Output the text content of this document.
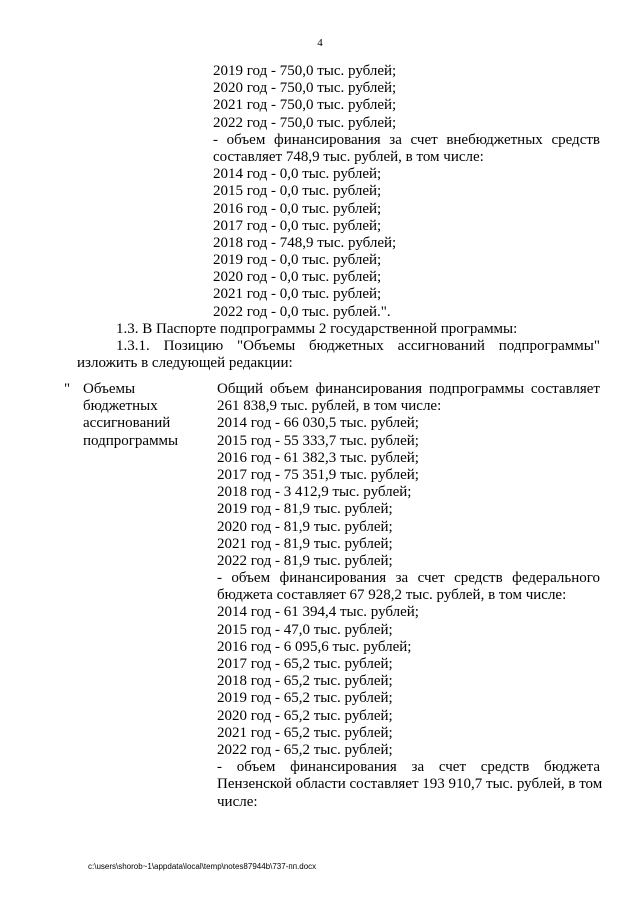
4
2019 год - 750,0 тыс. рублей;
2020 год - 750,0 тыс. рублей;
2021 год - 750,0 тыс. рублей;
2022 год - 750,0 тыс. рублей;
- объем финансирования за счет внебюджетных средств
составляет 748,9 тыс. рублей, в том числе:
2014 год - 0,0 тыс. рублей;
2015 год - 0,0 тыс. рублей;
2016 год - 0,0 тыс. рублей;
2017 год - 0,0 тыс. рублей;
2018 год - 748,9 тыс. рублей;
2019 год - 0,0 тыс. рублей;
2020 год - 0,0 тыс. рублей;
2021 год - 0,0 тыс. рублей;
2022 год - 0,0 тыс. рублей.".
1.3. В Паспорте подпрограммы 2 государственной программы:
1.3.1. Позицию "Объемы бюджетных ассигнований подпрограммы"
изложить в следующей редакции:
" Объемы
бюджетных
ассигнований
подпрограммы
Общий объем финансирования подпрограммы составляет
261 838,9 тыс. рублей, в том числе:
2014 год - 66 030,5 тыс. рублей;
2015 год - 55 333,7 тыс. рублей;
2016 год - 61 382,3 тыс. рублей;
2017 год - 75 351,9 тыс. рублей;
2018 год - 3 412,9 тыс. рублей;
2019 год - 81,9 тыс. рублей;
2020 год - 81,9 тыс. рублей;
2021 год - 81,9 тыс. рублей;
2022 год - 81,9 тыс. рублей;
- объем финансирования за счет средств федерального
бюджета составляет 67 928,2 тыс. рублей, в том числе:
2014 год - 61 394,4 тыс. рублей;
2015 год - 47,0 тыс. рублей;
2016 год - 6 095,6 тыс. рублей;
2017 год - 65,2 тыс. рублей;
2018 год - 65,2 тыс. рублей;
2019 год - 65,2 тыс. рублей;
2020 год - 65,2 тыс. рублей;
2021 год - 65,2 тыс. рублей;
2022 год - 65,2 тыс. рублей;
- объем финансирования за счет средств бюджета
Пензенской области составляет 193 910,7 тыс. рублей, в том
числе:
c:\users\shorob~1\appdata\local\temp\notes87944b\737-пп.docx
